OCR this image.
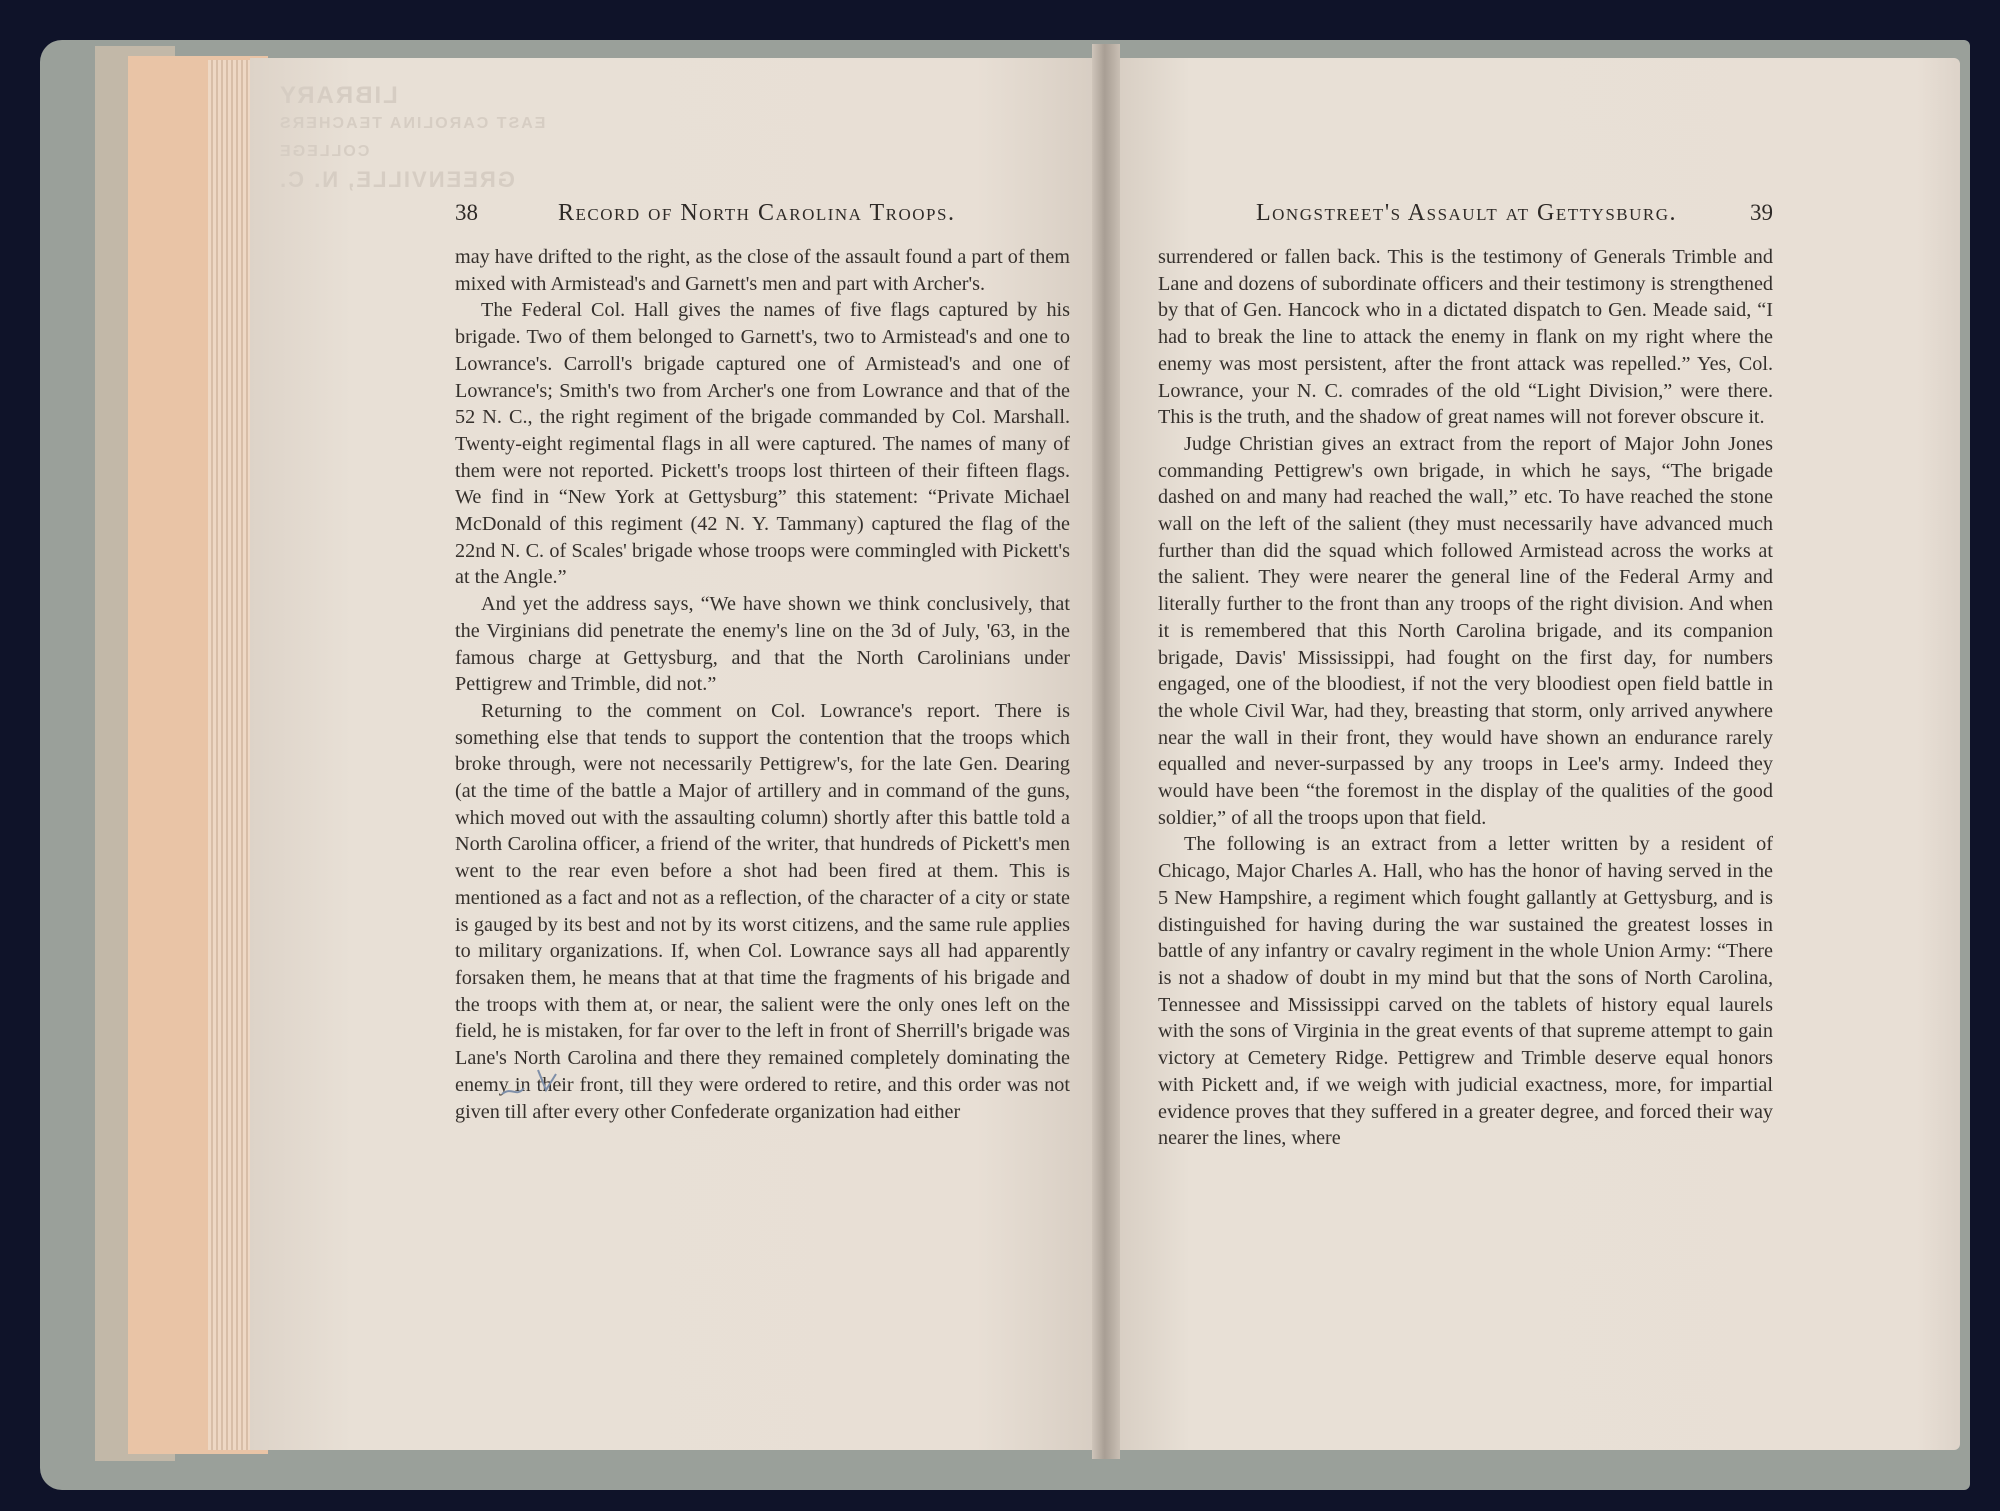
LIBRARY
EAST CAROLINA TEACHERS COLLEGE
GREENVILLE, N. C.
38	Record of North Carolina Troops.	Longstreet's Assault at Gettysburg.	39

may have drifted to the right, as the close of the assault found a part of them mixed with Armistead's and Garnett's men and part with Archer's.

The Federal Col. Hall gives the names of five flags captured by his brigade. Two of them belonged to Garnett's, two to Armistead's and one to Lowrance's. Carroll's brigade captured one of Armistead's and one of Lowrance's; Smith's two from Archer's one from Lowrance and that of the 52 N. C., the right regiment of the brigade commanded by Col. Marshall. Twenty-eight regimental flags in all were captured. The names of many of them were not reported. Pickett's troops lost thirteen of their fifteen flags. We find in “New York at Gettysburg” this statement: “Private Michael McDonald of this regiment (42 N. Y. Tammany) captured the flag of the 22nd N. C. of Scales' brigade whose troops were commingled with Pickett's at the Angle.”

And yet the address says, “We have shown we think conclusively, that the Virginians did penetrate the enemy's line on the 3d of July, '63, in the famous charge at Gettysburg, and that the North Carolinians under Pettigrew and Trimble, did not.”

Returning to the comment on Col. Lowrance's report. There is something else that tends to support the contention that the troops which broke through, were not necessarily Pettigrew's, for the late Gen. Dearing (at the time of the battle a Major of artillery and in command of the guns, which moved out with the assaulting column) shortly after this battle told a North Carolina officer, a friend of the writer, that hundreds of Pickett's men went to the rear even before a shot had been fired at them. This is mentioned as a fact and not as a reflection, of the character of a city or state is gauged by its best and not by its worst citizens, and the same rule applies to military organizations. If, when Col. Lowrance says all had apparently forsaken them, he means that at that time the fragments of his brigade and the troops with them at, or near, the salient were the only ones left on the field, he is mistaken, for far over to the left in front of Sherrill's brigade was Lane's North Carolina and there they remained completely dominating the enemy in their front, till they were ordered to retire, and this order was not given till after every other Confederate organization had either

surrendered or fallen back. This is the testimony of Generals Trimble and Lane and dozens of subordinate officers and their testimony is strengthened by that of Gen. Hancock who in a dictated dispatch to Gen. Meade said, “I had to break the line to attack the enemy in flank on my right where the enemy was most persistent, after the front attack was repelled.” Yes, Col. Lowrance, your N. C. comrades of the old “Light Division,” were there. This is the truth, and the shadow of great names will not forever obscure it.

Judge Christian gives an extract from the report of Major John Jones commanding Pettigrew's own brigade, in which he says, “The brigade dashed on and many had reached the wall,” etc. To have reached the stone wall on the left of the salient (they must necessarily have advanced much further than did the squad which followed Armistead across the works at the salient. They were nearer the general line of the Federal Army and literally further to the front than any troops of the right division. And when it is remembered that this North Carolina brigade, and its companion brigade, Davis' Mississippi, had fought on the first day, for numbers engaged, one of the bloodiest, if not the very bloodiest open field battle in the whole Civil War, had they, breasting that storm, only arrived anywhere near the wall in their front, they would have shown an endurance rarely equalled and never-surpassed by any troops in Lee's army. Indeed they would have been “the foremost in the display of the qualities of the good soldier,” of all the troops upon that field.

The following is an extract from a letter written by a resident of Chicago, Major Charles A. Hall, who has the honor of having served in the 5 New Hampshire, a regiment which fought gallantly at Gettysburg, and is distinguished for having during the war sustained the greatest losses in battle of any infantry or cavalry regiment in the whole Union Army: “There is not a shadow of doubt in my mind but that the sons of North Carolina, Tennessee and Mississippi carved on the tablets of history equal laurels with the sons of Virginia in the great events of that supreme attempt to gain victory at Cemetery Ridge. Pettigrew and Trimble deserve equal honors with Pickett and, if we weigh with judicial exactness, more, for impartial evidence proves that they suffered in a greater degree, and forced their way nearer the lines, where
